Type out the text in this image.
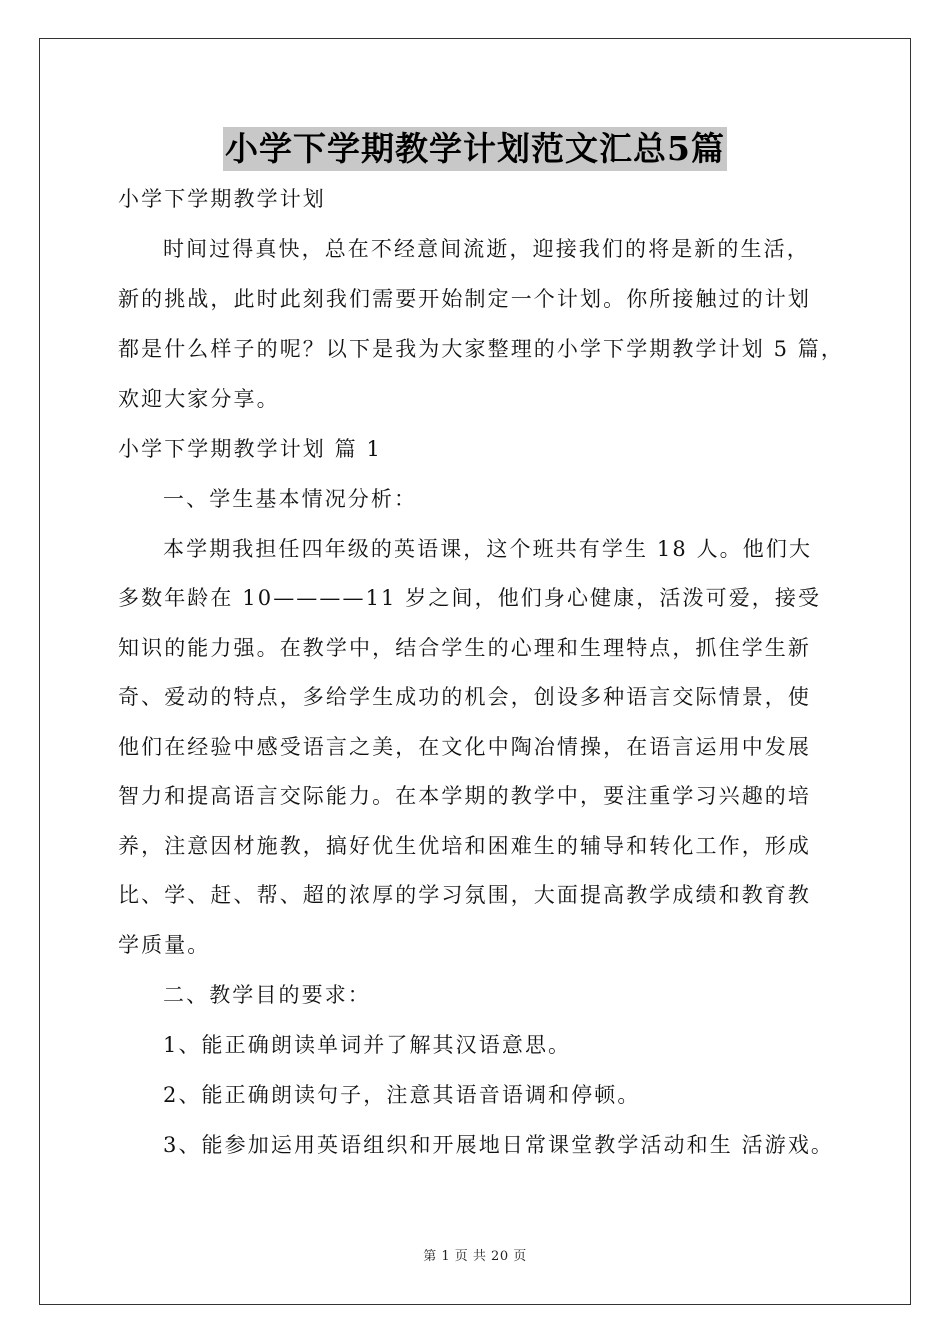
小学下学期教学计划范文汇总5篇
小学下学期教学计划
时间过得真快，总在不经意间流逝，迎接我们的将是新的生活，
新的挑战，此时此刻我们需要开始制定一个计划。你所接触过的计划
都是什么样子的呢？以下是我为大家整理的小学下学期教学计划 5 篇，
欢迎大家分享。
小学下学期教学计划 篇 1
一、学生基本情况分析：
本学期我担任四年级的英语课，这个班共有学生 18 人。他们大
多数年龄在 10————11 岁之间，他们身心健康，活泼可爱，接受
知识的能力强。在教学中，结合学生的心理和生理特点，抓住学生新
奇、爱动的特点，多给学生成功的机会，创设多种语言交际情景，使
他们在经验中感受语言之美，在文化中陶冶情操，在语言运用中发展
智力和提高语言交际能力。在本学期的教学中，要注重学习兴趣的培
养，注意因材施教，搞好优生优培和困难生的辅导和转化工作，形成
比、学、赶、帮、超的浓厚的学习氛围，大面提高教学成绩和教育教
学质量。
二、教学目的要求：
1、能正确朗读单词并了解其汉语意思。
2、能正确朗读句子，注意其语音语调和停顿。
3、能参加运用英语组织和开展地日常课堂教学活动和生 活游戏。
第 1 页 共 20 页
